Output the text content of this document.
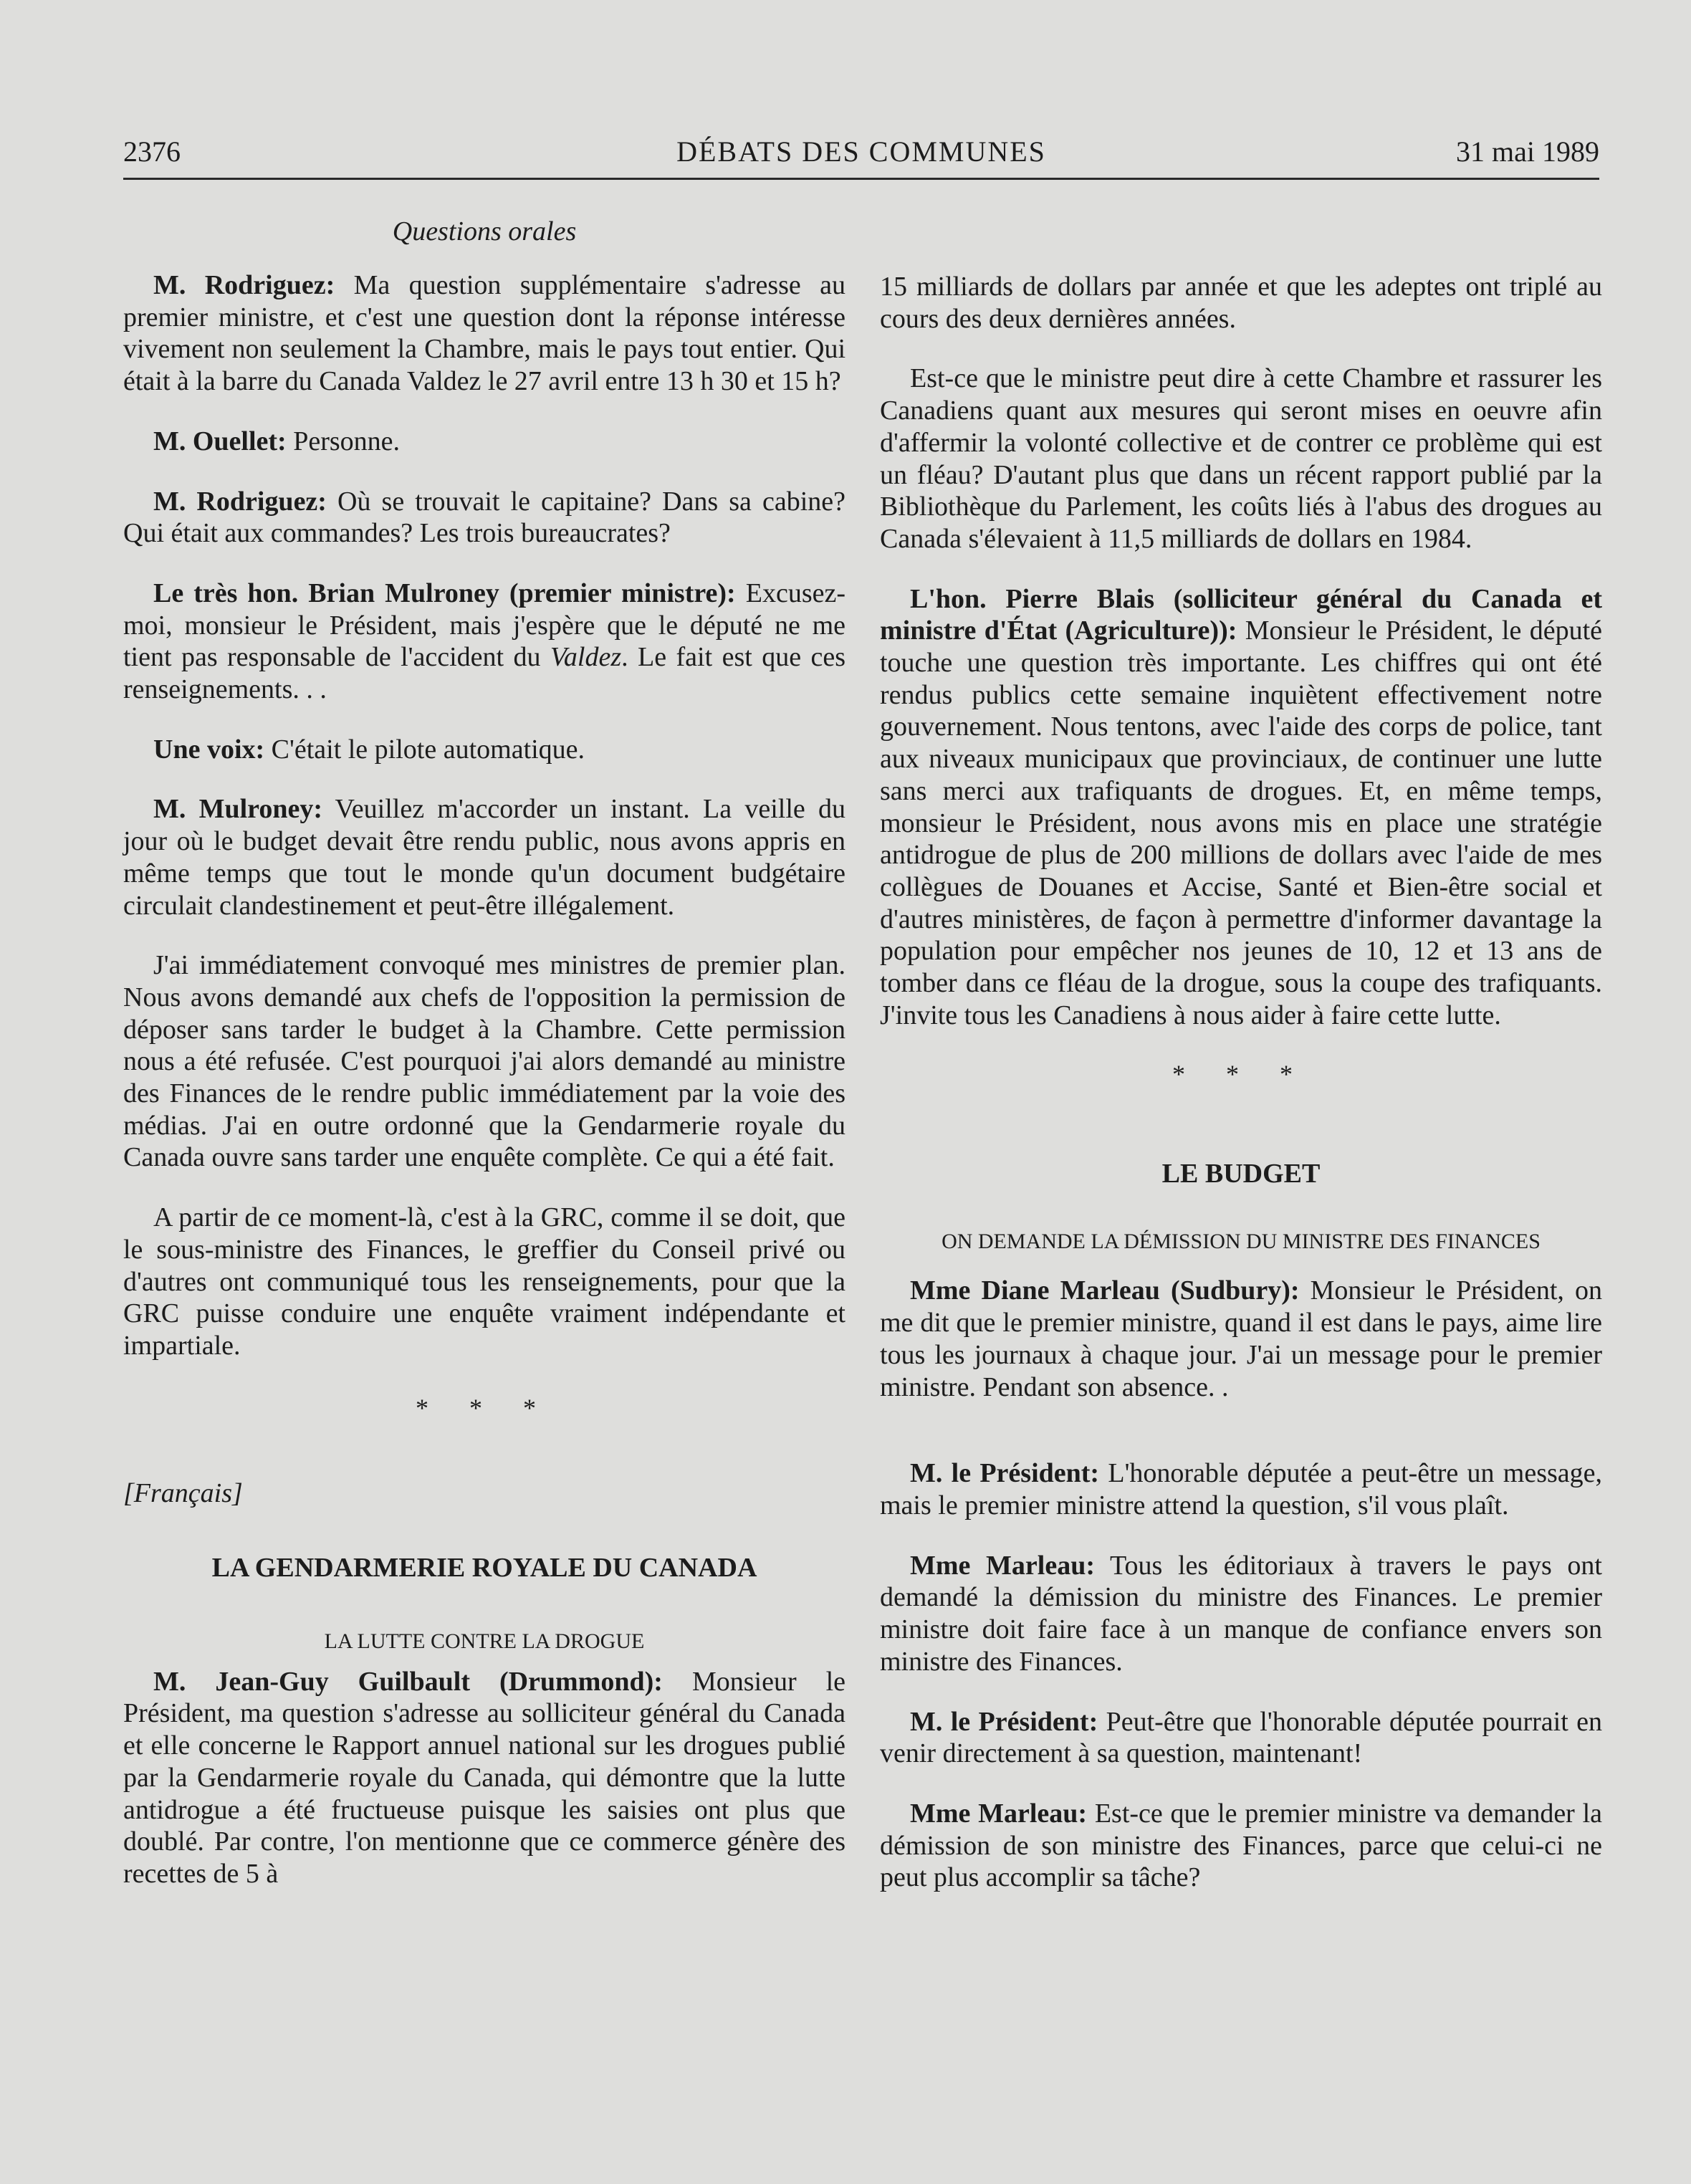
2376	DÉBATS DES COMMUNES	31 mai 1989
Questions orales

M. Rodriguez: Ma question supplémentaire s'adresse au premier ministre, et c'est une question dont la réponse intéresse vivement non seulement la Chambre, mais le pays tout entier. Qui était à la barre du Canada Valdez le 27 avril entre 13 h 30 et 15 h?

M. Ouellet: Personne.

M. Rodriguez: Où se trouvait le capitaine? Dans sa cabine? Qui était aux commandes? Les trois bureaucrates?

Le très hon. Brian Mulroney (premier ministre): Excusez-moi, monsieur le Président, mais j'espère que le député ne me tient pas responsable de l'accident du Valdez. Le fait est que ces renseignements. . .

Une voix: C'était le pilote automatique.

M. Mulroney: Veuillez m'accorder un instant. La veille du jour où le budget devait être rendu public, nous avons appris en même temps que tout le monde qu'un document budgétaire circulait clandestinement et peut-être illégalement.

J'ai immédiatement convoqué mes ministres de premier plan. Nous avons demandé aux chefs de l'opposition la permission de déposer sans tarder le budget à la Chambre. Cette permission nous a été refusée. C'est pourquoi j'ai alors demandé au ministre des Finances de le rendre public immédiatement par la voie des médias. J'ai en outre ordonné que la Gendarmerie royale du Canada ouvre sans tarder une enquête complète. Ce qui a été fait.

A partir de ce moment-là, c'est à la GRC, comme il se doit, que le sous-ministre des Finances, le greffier du Conseil privé ou d'autres ont communiqué tous les renseignements, pour que la GRC puisse conduire une enquête vraiment indépendante et impartiale.

* * *
[Français]
LA GENDARMERIE ROYALE DU CANADA
LA LUTTE CONTRE LA DROGUE

M. Jean-Guy Guilbault (Drummond): Monsieur le Président, ma question s'adresse au solliciteur général du Canada et elle concerne le Rapport annuel national sur les drogues publié par la Gendarmerie royale du Canada, qui démontre que la lutte antidrogue a été fructueuse puisque les saisies ont plus que doublé. Par contre, l'on mentionne que ce commerce génère des recettes de 5 à

15 milliards de dollars par année et que les adeptes ont triplé au cours des deux dernières années.

Est-ce que le ministre peut dire à cette Chambre et rassurer les Canadiens quant aux mesures qui seront mises en oeuvre afin d'affermir la volonté collective et de contrer ce problème qui est un fléau? D'autant plus que dans un récent rapport publié par la Bibliothèque du Parlement, les coûts liés à l'abus des drogues au Canada s'élevaient à 11,5 milliards de dollars en 1984.

L'hon. Pierre Blais (solliciteur général du Canada et ministre d'État (Agriculture)): Monsieur le Président, le député touche une question très importante. Les chiffres qui ont été rendus publics cette semaine inquiètent effectivement notre gouvernement. Nous tentons, avec l'aide des corps de police, tant aux niveaux municipaux que provinciaux, de continuer une lutte sans merci aux trafiquants de drogues. Et, en même temps, monsieur le Président, nous avons mis en place une stratégie antidrogue de plus de 200 millions de dollars avec l'aide de mes collègues de Douanes et Accise, Santé et Bien-être social et d'autres ministères, de façon à permettre d'informer davantage la population pour empêcher nos jeunes de 10, 12 et 13 ans de tomber dans ce fléau de la drogue, sous la coupe des trafiquants. J'invite tous les Canadiens à nous aider à faire cette lutte.

* * *
LE BUDGET
ON DEMANDE LA DÉMISSION DU MINISTRE DES FINANCES

Mme Diane Marleau (Sudbury): Monsieur le Président, on me dit que le premier ministre, quand il est dans le pays, aime lire tous les journaux à chaque jour. J'ai un message pour le premier ministre. Pendant son absence. .

M. le Président: L'honorable députée a peut-être un message, mais le premier ministre attend la question, s'il vous plaît.

Mme Marleau: Tous les éditoriaux à travers le pays ont demandé la démission du ministre des Finances. Le premier ministre doit faire face à un manque de confiance envers son ministre des Finances.

M. le Président: Peut-être que l'honorable députée pourrait en venir directement à sa question, maintenant!

Mme Marleau: Est-ce que le premier ministre va demander la démission de son ministre des Finances, parce que celui-ci ne peut plus accomplir sa tâche?
